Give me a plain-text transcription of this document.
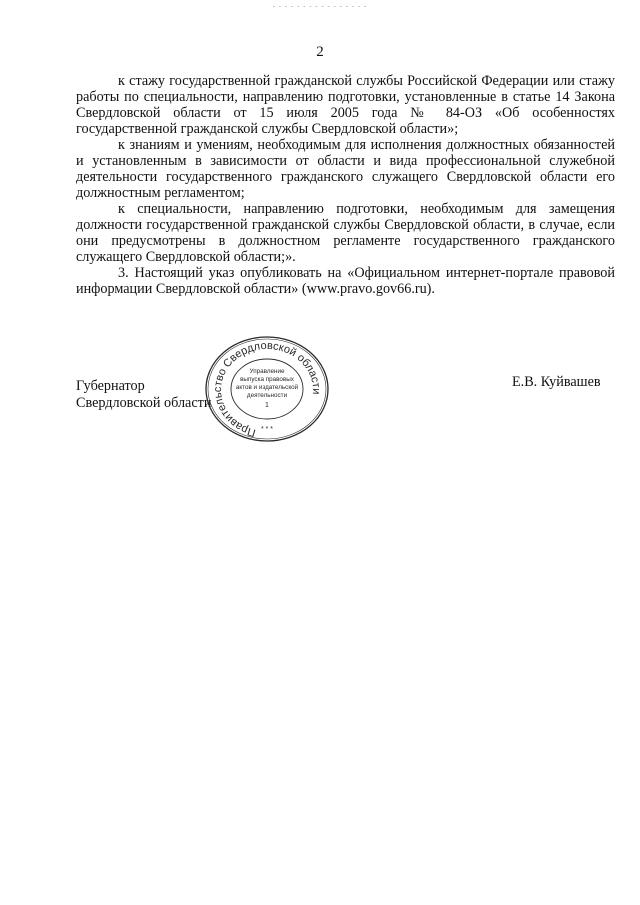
- - - - - - - - - - - - - - - -
2

к стажу государственной гражданской службы Российской Федерации или стажу работы по специальности, направлению подготовки, установленные в статье 14 Закона Свердловской области от 15 июля 2005 года № 84-ОЗ «Об особенностях государственной гражданской службы Свердловской области»;

к знаниям и умениям, необходимым для исполнения должностных обязанностей и установленным в зависимости от области и вида профессиональной служебной деятельности государственного гражданского служащего Свердловской области его должностным регламентом;

к специальности, направлению подготовки, необходимым для замещения должности государственной гражданской службы Свердловской области, в случае, если они предусмотрены в должностном регламенте государственного гражданского служащего Свердловской области;».

3. Настоящий указ опубликовать на «Официальном интернет-портале правовой информации Свердловской области» (www.pravo.gov66.ru).

Губернатор
Свердловской области
Е.В. Куйвашев
Правительство Свердловской области
Управление
выпуска правовых
актов и издательской
деятельности
1
* * *
